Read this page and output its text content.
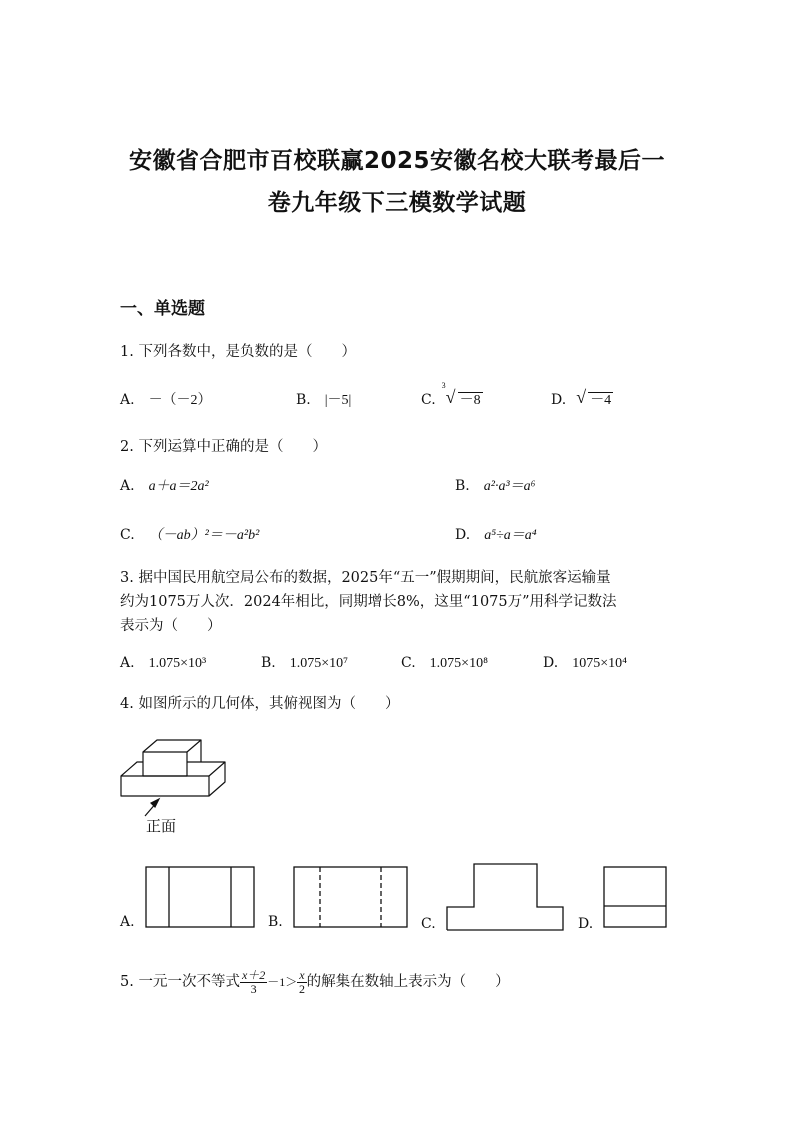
安徽省合肥市百校联赢2025安徽名校大联考最后一
卷九年级下三模数学试题
一、单选题
1. 下列各数中，是负数的是（　　）
A. －（－2）	B. |－5|	C.
3
√ －8	D. √ －4
2. 下列运算中正确的是（　　）
A. a＋a＝2a²	B. a²·a³＝a⁶
C. （－ab）²＝－a²b²	D. a⁵÷a＝a⁴
3. 据中国民用航空局公布的数据，2025年“五一”假期期间，民航旅客运输量
约为1075万人次．2024年相比，同期增长8%，这里“1075万”用科学记数法
表示为（　　）
A. 1.075×10³	B. 1.075×10⁷	C. 1.075×10⁸	D. 1075×10⁴
4. 如图所示的几何体，其俯视图为（　　）
正面
A.	B.	C.	D.
5. 一元一次不等式 $\frac{x+2}{3} -1> \frac{x}{2}$ 的解集在数轴上表示为（　　）
